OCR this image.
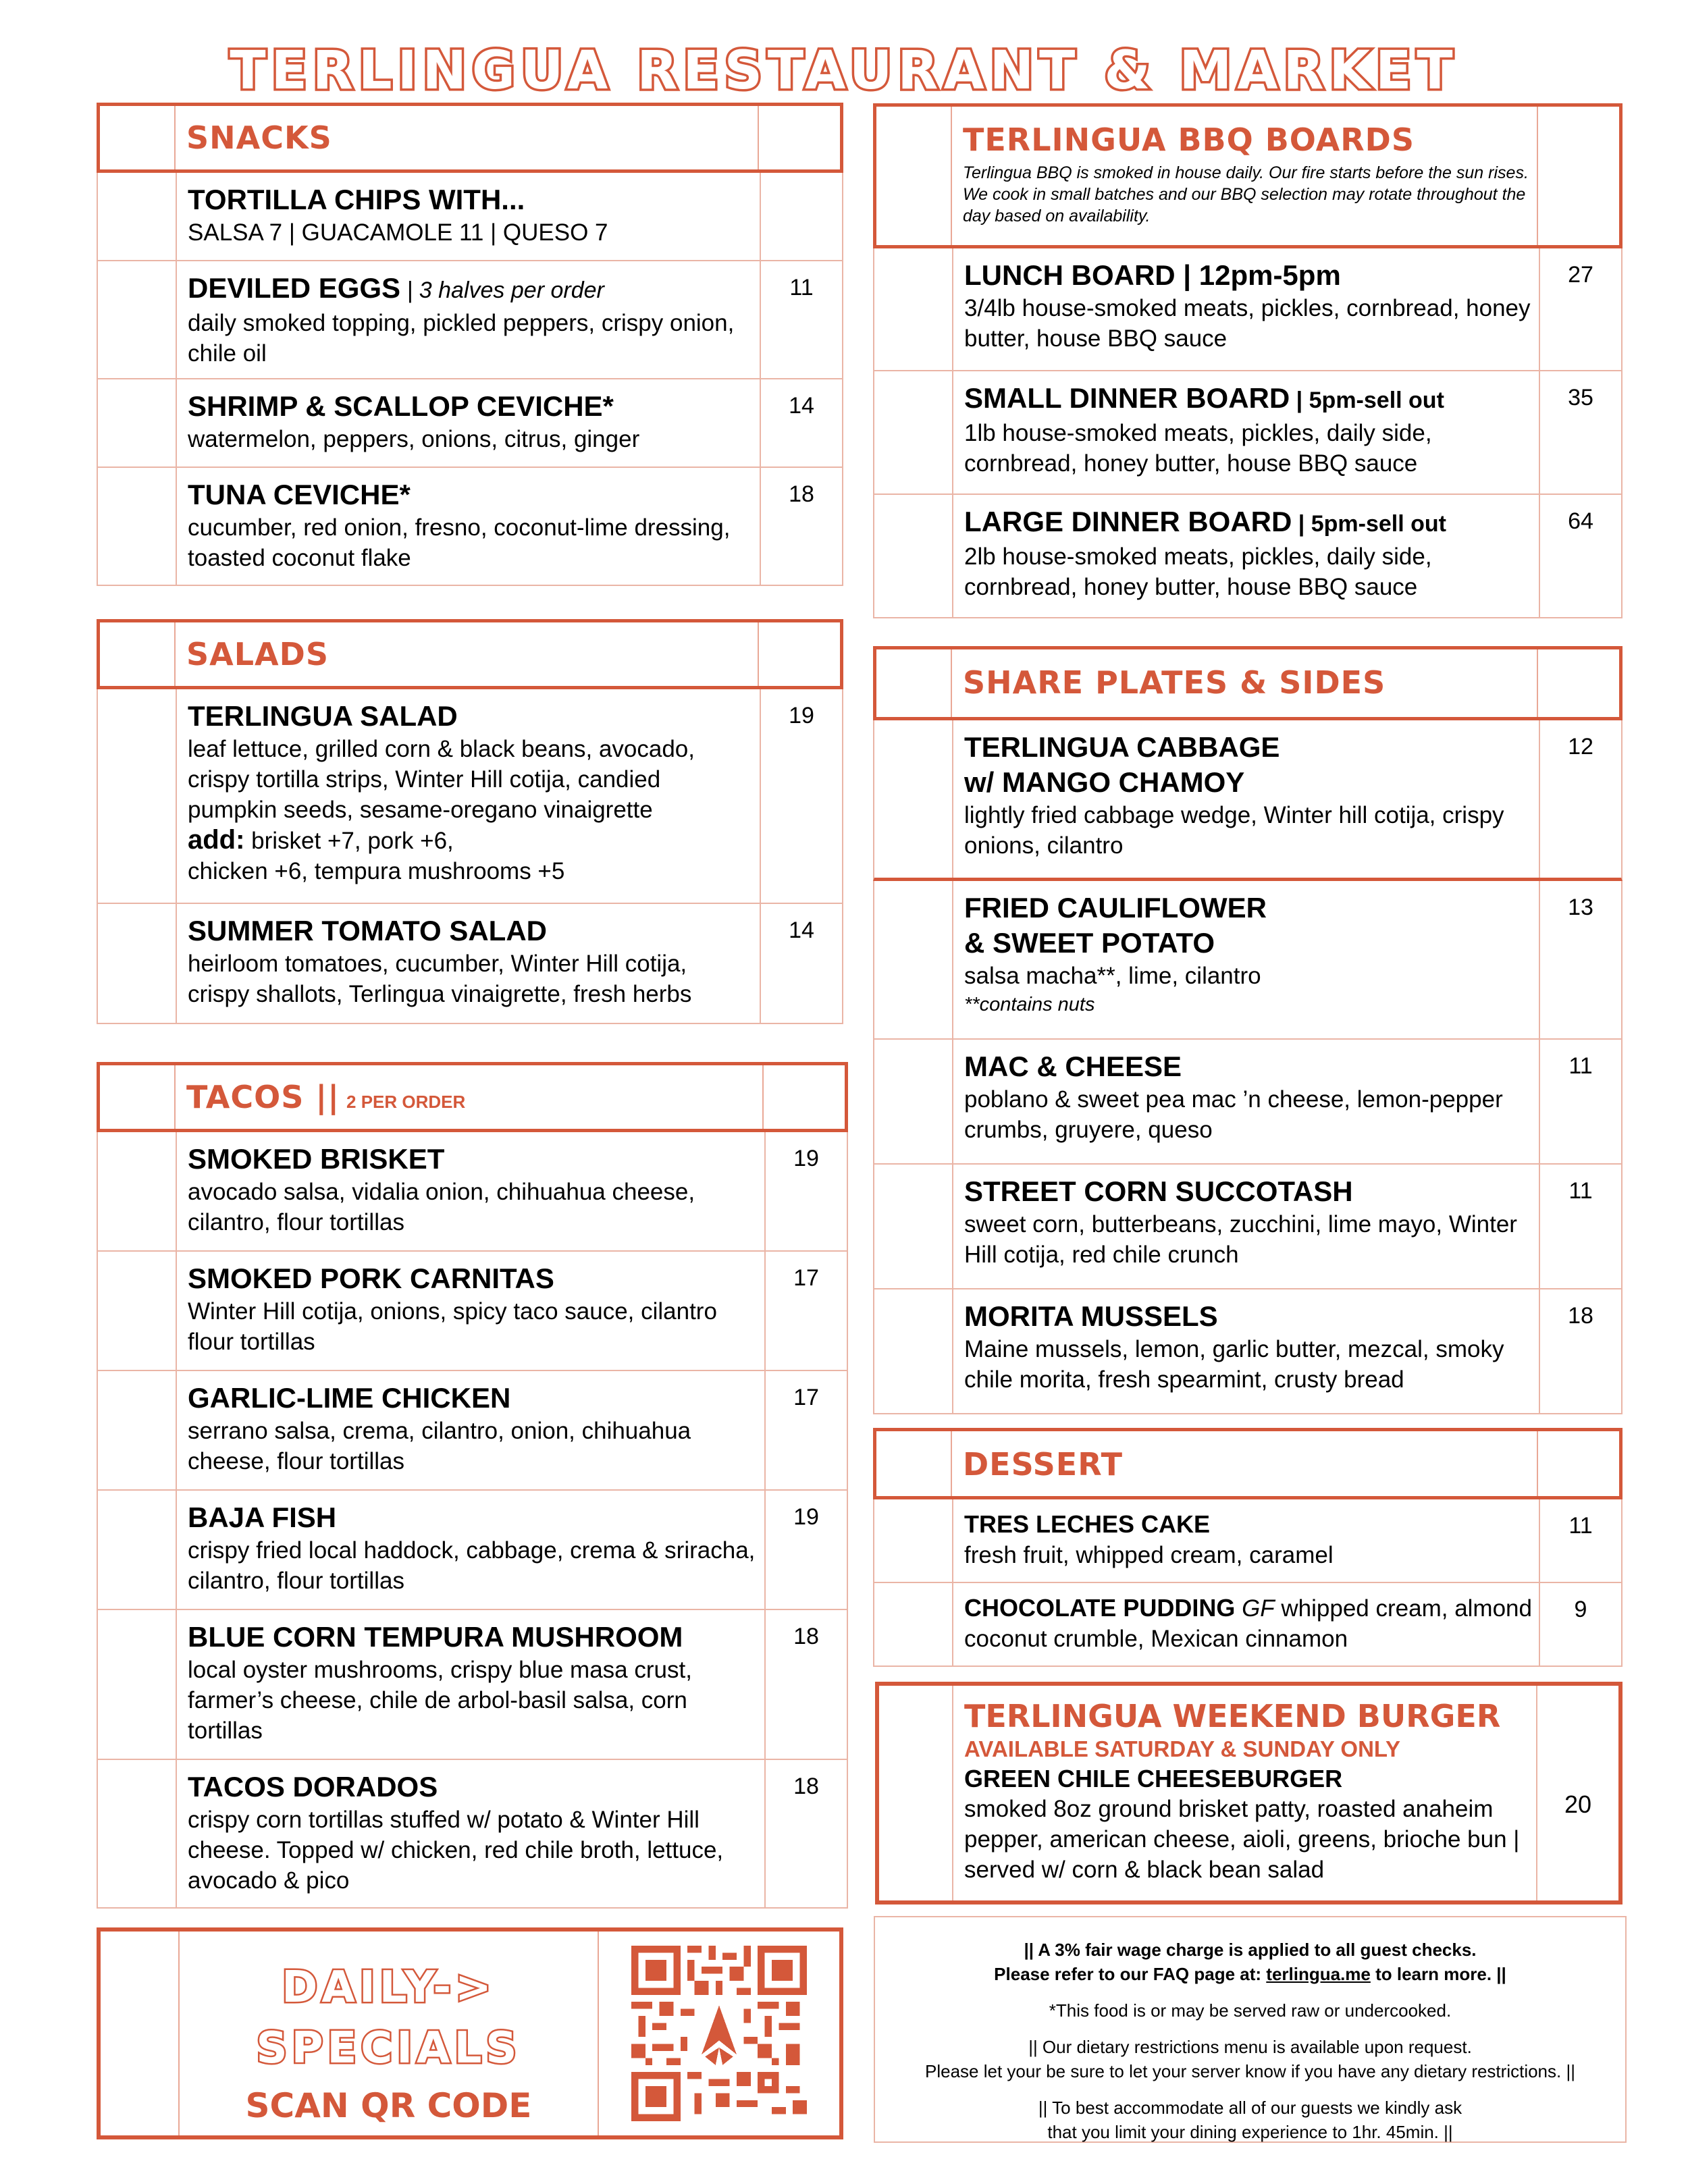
TERLINGUA RESTAURANT & MARKET
SNACKS
TORTILLA CHIPS WITH...
SALSA 7 | GUACAMOLE 11 | QUESO 7
DEVILED EGGS | 3 halves per order
daily smoked topping, pickled peppers, crispy onion, chile oil
11
SHRIMP & SCALLOP CEVICHE*
watermelon, peppers, onions, citrus, ginger
14
TUNA CEVICHE*
cucumber, red onion, fresno, coconut-lime dressing, toasted coconut flake
18
SALADS
TERLINGUA SALAD
leaf lettuce, grilled corn & black beans, avocado, crispy tortilla strips, Winter Hill cotija, candied pumpkin seeds, sesame-oregano vinaigrette
add: brisket +7, pork +6,
chicken +6, tempura mushrooms +5
19
SUMMER TOMATO SALAD
heirloom tomatoes, cucumber, Winter Hill cotija, crispy shallots, Terlingua vinaigrette, fresh herbs
14
TACOS || 2 PER ORDER
SMOKED BRISKET
avocado salsa, vidalia onion, chihuahua cheese, cilantro, flour tortillas
19
SMOKED PORK CARNITAS
Winter Hill cotija, onions, spicy taco sauce, cilantro flour tortillas
17
GARLIC-LIME CHICKEN
serrano salsa, crema, cilantro, onion, chihuahua cheese, flour tortillas
17
BAJA FISH
crispy fried local haddock, cabbage, crema & sriracha, cilantro, flour tortillas
19
BLUE CORN TEMPURA MUSHROOM
local oyster mushrooms, crispy blue masa crust, farmer’s cheese, chile de arbol-basil salsa, corn tortillas
18
TACOS DORADOS
crispy corn tortillas stuffed w/ potato & Winter Hill cheese. Topped w/ chicken, red chile broth, lettuce, avocado & pico
18
DAILY->
SPECIALS
SCAN QR CODE
TERLINGUA BBQ BOARDS
Terlingua BBQ is smoked in house daily. Our fire starts before the sun rises. We cook in small batches and our BBQ selection may rotate throughout the day based on availability.
LUNCH BOARD | 12pm-5pm
3/4lb house-smoked meats, pickles, cornbread, honey butter, house BBQ sauce
27
SMALL DINNER BOARD | 5pm-sell out
1lb house-smoked meats, pickles, daily side, cornbread, honey butter, house BBQ sauce
35
LARGE DINNER BOARD | 5pm-sell out
2lb house-smoked meats, pickles, daily side, cornbread, honey butter, house BBQ sauce
64
SHARE PLATES & SIDES
TERLINGUA CABBAGE
w/ MANGO CHAMOY
lightly fried cabbage wedge, Winter hill cotija, crispy onions, cilantro
12
FRIED CAULIFLOWER
& SWEET POTATO
salsa macha**, lime, cilantro
**contains nuts
13
MAC & CHEESE
poblano & sweet pea mac ’n cheese, lemon-pepper crumbs, gruyere, queso
11
STREET CORN SUCCOTASH
sweet corn, butterbeans, zucchini, lime mayo, Winter Hill cotija, red chile crunch
11
MORITA MUSSELS
Maine mussels, lemon, garlic butter, mezcal, smoky chile morita, fresh spearmint, crusty bread
18
DESSERT
TRES LECHES CAKE
fresh fruit, whipped cream, caramel
11
CHOCOLATE PUDDING GF whipped cream, almond coconut crumble, Mexican cinnamon
9
TERLINGUA WEEKEND BURGER
AVAILABLE SATURDAY & SUNDAY ONLY
GREEN CHILE CHEESEBURGER
smoked 8oz ground brisket patty, roasted anaheim pepper, american cheese, aioli, greens, brioche bun | served w/ corn & black bean salad
20

|| A 3% fair wage charge is applied to all guest checks.
Please refer to our FAQ page at: terlingua.me to learn more. ||

*This food is or may be served raw or undercooked.

|| Our dietary restrictions menu is available upon request.
Please let your be sure to let your server know if you have any dietary restrictions. ||

|| To best accommodate all of our guests we kindly ask
that you limit your dining experience to 1hr. 45min. ||
